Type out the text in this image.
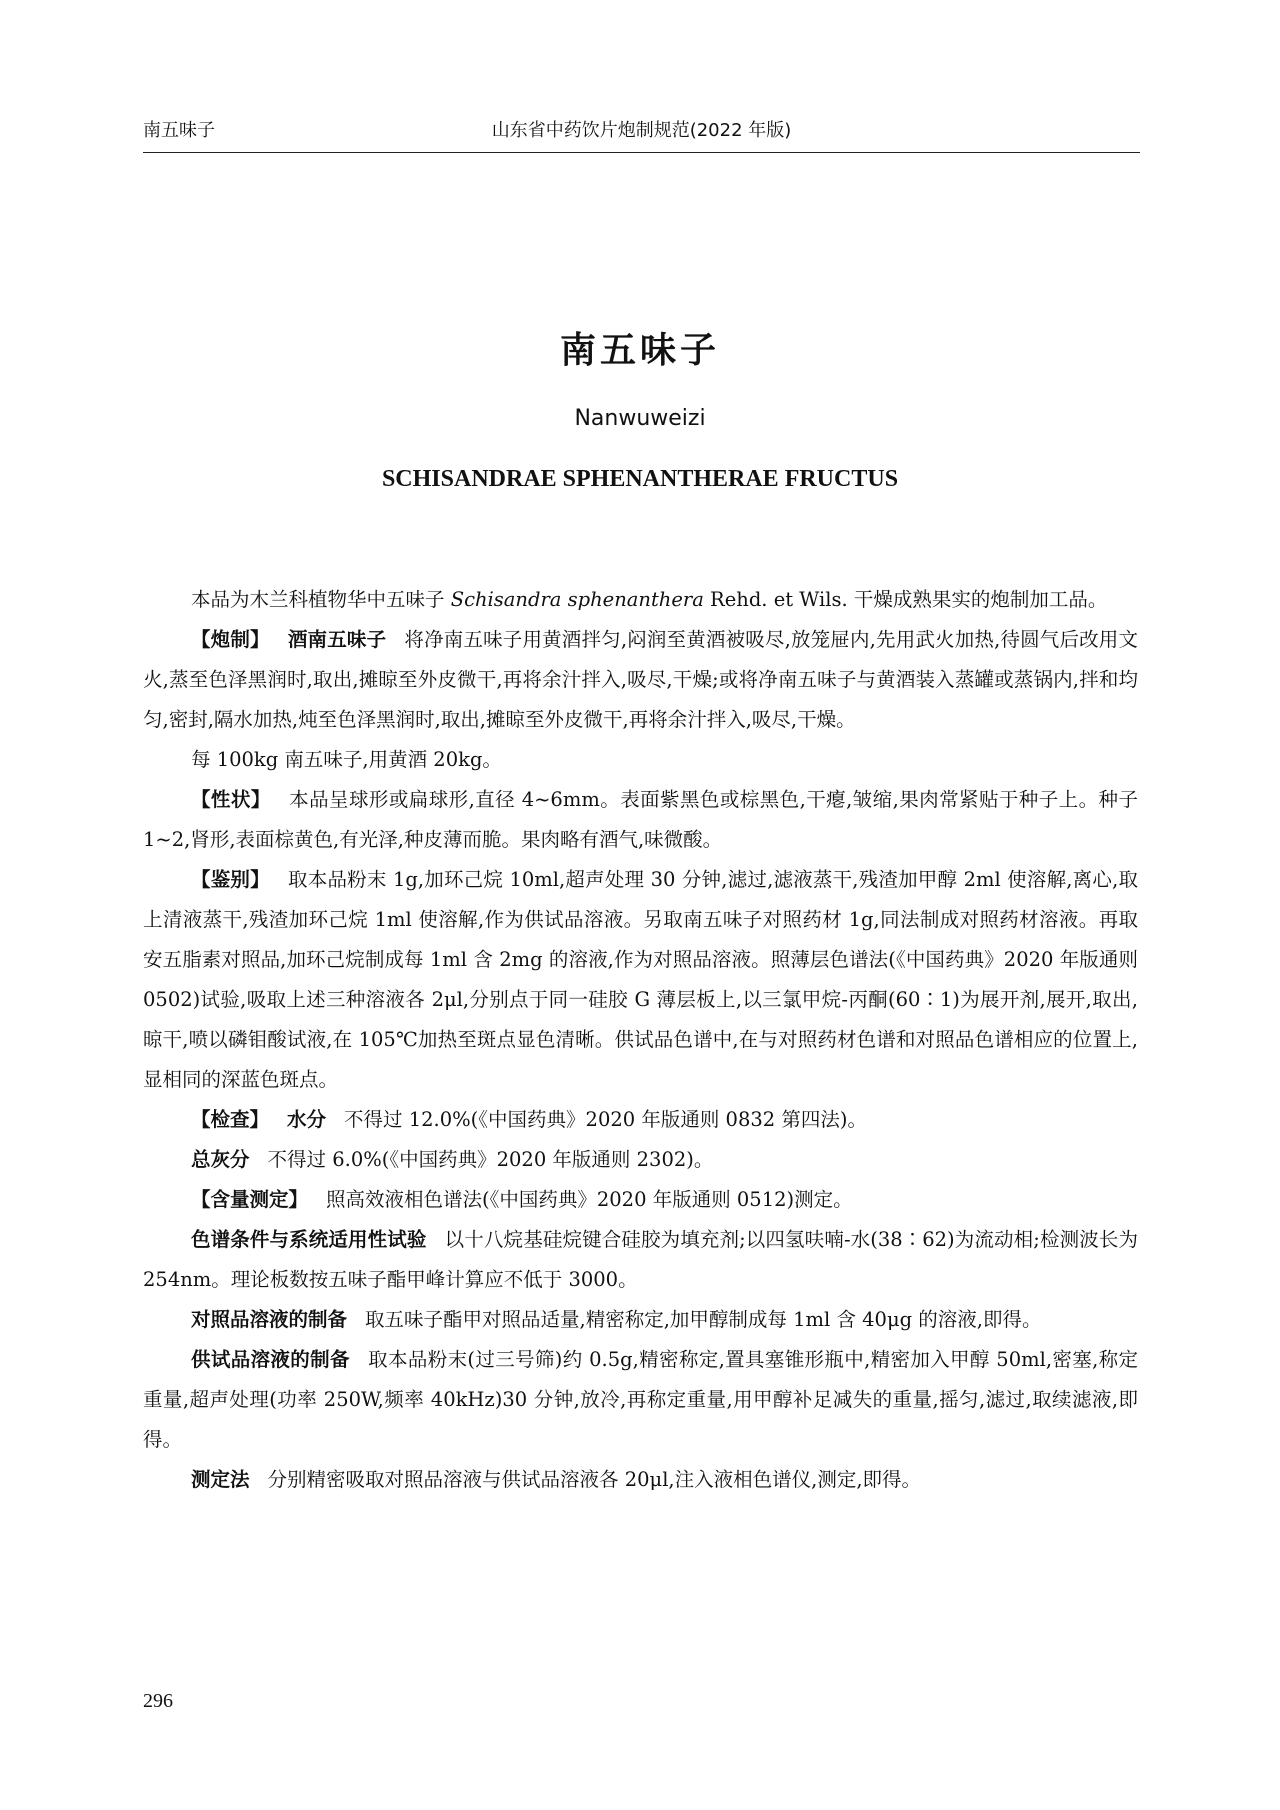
南五味子	山东省中药饮片炮制规范(2022 年版)
南五味子
Nanwuweizi
SCHISANDRAE SPHENANTHERAE FRUCTUS

本品为木兰科植物华中五味子 Schisandra sphenanthera Rehd. et Wils. 干燥成熟果实的炮制加工品。

【炮制】 酒南五味子 将净南五味子用黄酒拌匀,闷润至黄酒被吸尽,放笼屉内,先用武火加热,待圆气后改用文火,蒸至色泽黑润时,取出,摊晾至外皮微干,再将余汁拌入,吸尽,干燥;或将净南五味子与黄酒装入蒸罐或蒸锅内,拌和均匀,密封,隔水加热,炖至色泽黑润时,取出,摊晾至外皮微干,再将余汁拌入,吸尽,干燥。

每 100kg 南五味子,用黄酒 20kg。

【性状】 本品呈球形或扁球形,直径 4~6mm。表面紫黑色或棕黑色,干瘪,皱缩,果肉常紧贴于种子上。种子 1~2,肾形,表面棕黄色,有光泽,种皮薄而脆。果肉略有酒气,味微酸。

【鉴别】 取本品粉末 1g,加环己烷 10ml,超声处理 30 分钟,滤过,滤液蒸干,残渣加甲醇 2ml 使溶解,离心,取上清液蒸干,残渣加环己烷 1ml 使溶解,作为供试品溶液。另取南五味子对照药材 1g,同法制成对照药材溶液。再取安五脂素对照品,加环己烷制成每 1ml 含 2mg 的溶液,作为对照品溶液。照薄层色谱法(《中国药典》2020 年版通则 0502)试验,吸取上述三种溶液各 2μl,分别点于同一硅胶 G 薄层板上,以三氯甲烷-丙酮(60∶1)为展开剂,展开,取出,晾干,喷以磷钼酸试液,在 105℃加热至斑点显色清晰。供试品色谱中,在与对照药材色谱和对照品色谱相应的位置上,显相同的深蓝色斑点。

【检查】 水分 不得过 12.0%(《中国药典》2020 年版通则 0832 第四法)。

总灰分 不得过 6.0%(《中国药典》2020 年版通则 2302)。

【含量测定】 照高效液相色谱法(《中国药典》2020 年版通则 0512)测定。

色谱条件与系统适用性试验 以十八烷基硅烷键合硅胶为填充剂;以四氢呋喃-水(38∶62)为流动相;检测波长为 254nm。理论板数按五味子酯甲峰计算应不低于 3000。

对照品溶液的制备 取五味子酯甲对照品适量,精密称定,加甲醇制成每 1ml 含 40μg 的溶液,即得。

供试品溶液的制备 取本品粉末(过三号筛)约 0.5g,精密称定,置具塞锥形瓶中,精密加入甲醇 50ml,密塞,称定重量,超声处理(功率 250W,频率 40kHz)30 分钟,放冷,再称定重量,用甲醇补足减失的重量,摇匀,滤过,取续滤液,即得。

测定法 分别精密吸取对照品溶液与供试品溶液各 20μl,注入液相色谱仪,测定,即得。

296
